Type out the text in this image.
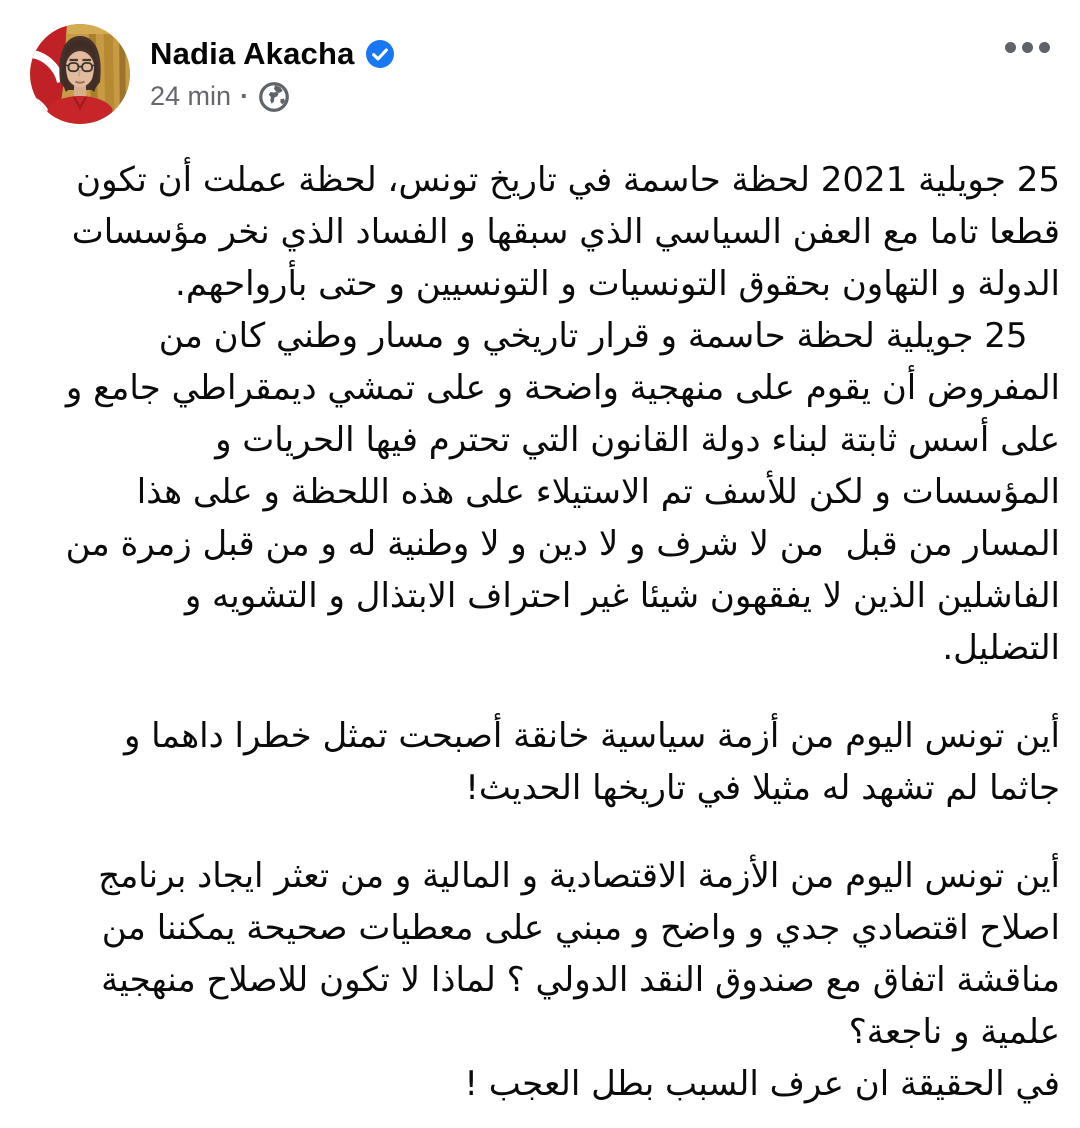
Nadia Akacha
24 min ·
25 جويلية 2021 لحظة حاسمة في تاريخ تونس، لحظة عملت أن تكون
قطعا تاما مع العفن السياسي الذي سبقها و الفساد الذي نخر مؤسسات
الدولة و التهاون بحقوق التونسيات و التونسيين و حتى بأرواحهم.
25 جويلية لحظة حاسمة و قرار تاريخي و مسار وطني كان من
المفروض أن يقوم على منهجية واضحة و على تمشي ديمقراطي جامع و
على أسس ثابتة لبناء دولة القانون التي تحترم فيها الحريات و
المؤسسات و لكن للأسف تم الاستيلاء على هذه اللحظة و على هذا
المسار من قبل  من لا شرف و لا دين و لا وطنية له و من قبل زمرة من
الفاشلين الذين لا يفقهون شيئا غير احتراف الابتذال و التشويه و
التضليل.
أين تونس اليوم من أزمة سياسية خانقة أصبحت تمثل خطرا داهما و
جاثما لم تشهد له مثيلا في تاريخها الحديث!
أين تونس اليوم من الأزمة الاقتصادية و المالية و من تعثر ايجاد برنامج
اصلاح اقتصادي جدي و واضح و مبني على معطيات صحيحة يمكننا من
مناقشة اتفاق مع صندوق النقد الدولي ؟ لماذا لا تكون للاصلاح منهجية
علمية و ناجعة؟
في الحقيقة ان عرف السبب بطل العجب !
